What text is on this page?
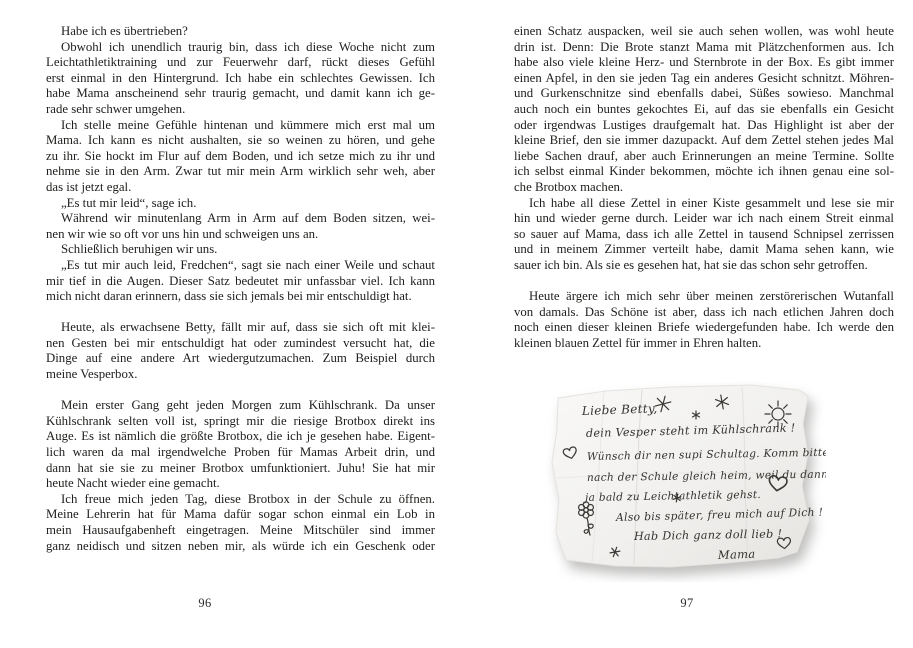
Habe ich es übertrieben?
Obwohl ich unendlich traurig bin, dass ich diese Woche nicht zum
Leichtathletiktraining und zur Feuerwehr darf, rückt dieses Gefühl
erst einmal in den Hintergrund. Ich habe ein schlechtes Gewissen. Ich
habe Mama anscheinend sehr traurig gemacht, und damit kann ich ge-
rade sehr schwer umgehen.
Ich stelle meine Gefühle hintenan und kümmere mich erst mal um
Mama. Ich kann es nicht aushalten, sie so weinen zu hören, und gehe
zu ihr. Sie hockt im Flur auf dem Boden, und ich setze mich zu ihr und
nehme sie in den Arm. Zwar tut mir mein Arm wirklich sehr weh, aber
das ist jetzt egal.
„Es tut mir leid“, sage ich.
Während wir minutenlang Arm in Arm auf dem Boden sitzen, wei-
nen wir wie so oft vor uns hin und schweigen uns an.
Schließlich beruhigen wir uns.
„Es tut mir auch leid, Fredchen“, sagt sie nach einer Weile und schaut
mir tief in die Augen. Dieser Satz bedeutet mir unfassbar viel. Ich kann
mich nicht daran erinnern, dass sie sich jemals bei mir entschuldigt hat.
Heute, als erwachsene Betty, fällt mir auf, dass sie sich oft mit klei-
nen Gesten bei mir entschuldigt hat oder zumindest versucht hat, die
Dinge auf eine andere Art wiedergutzumachen. Zum Beispiel durch
meine Vesperbox.
Mein erster Gang geht jeden Morgen zum Kühlschrank. Da unser
Kühlschrank selten voll ist, springt mir die riesige Brotbox direkt ins
Auge. Es ist nämlich die größte Brotbox, die ich je gesehen habe. Eigent-
lich waren da mal irgendwelche Proben für Mamas Arbeit drin, und
dann hat sie sie zu meiner Brotbox umfunktioniert. Juhu! Sie hat mir
heute Nacht wieder eine gemacht.
Ich freue mich jeden Tag, diese Brotbox in der Schule zu öffnen.
Meine Lehrerin hat für Mama dafür sogar schon einmal ein Lob in
mein Hausaufgabenheft eingetragen. Meine Mitschüler sind immer
ganz neidisch und sitzen neben mir, als würde ich ein Geschenk oder
einen Schatz auspacken, weil sie auch sehen wollen, was wohl heute
drin ist. Denn: Die Brote stanzt Mama mit Plätzchenformen aus. Ich
habe also viele kleine Herz- und Sternbrote in der Box. Es gibt immer
einen Apfel, in den sie jeden Tag ein anderes Gesicht schnitzt. Möhren-
und Gurkenschnitze sind ebenfalls dabei, Süßes sowieso. Manchmal
auch noch ein buntes gekochtes Ei, auf das sie ebenfalls ein Gesicht
oder irgendwas Lustiges draufgemalt hat. Das Highlight ist aber der
kleine Brief, den sie immer dazupackt. Auf dem Zettel stehen jedes Mal
liebe Sachen drauf, aber auch Erinnerungen an meine Termine. Sollte
ich selbst einmal Kinder bekommen, möchte ich ihnen genau eine sol-
che Brotbox machen.
Ich habe all diese Zettel in einer Kiste gesammelt und lese sie mir
hin und wieder gerne durch. Leider war ich nach einem Streit einmal
so sauer auf Mama, dass ich alle Zettel in tausend Schnipsel zerrissen
und in meinem Zimmer verteilt habe, damit Mama sehen kann, wie
sauer ich bin. Als sie es gesehen hat, hat sie das schon sehr getroffen.
Heute ärgere ich mich sehr über meinen zerstörerischen Wutanfall
von damals. Das Schöne ist aber, dass ich nach etlichen Jahren doch
noch einen dieser kleinen Briefe wiedergefunden habe. Ich werde den
kleinen blauen Zettel für immer in Ehren halten.
96	97
Liebe Betty,
dein Vesper steht im Kühlschrank !
Wünsch dir nen supi Schultag. Komm bitte
nach der Schule gleich heim, weil du dann
ja bald zu Leichtathletik gehst.
Also bis später, freu mich auf Dich !
Hab Dich ganz doll lieb !
Mama
